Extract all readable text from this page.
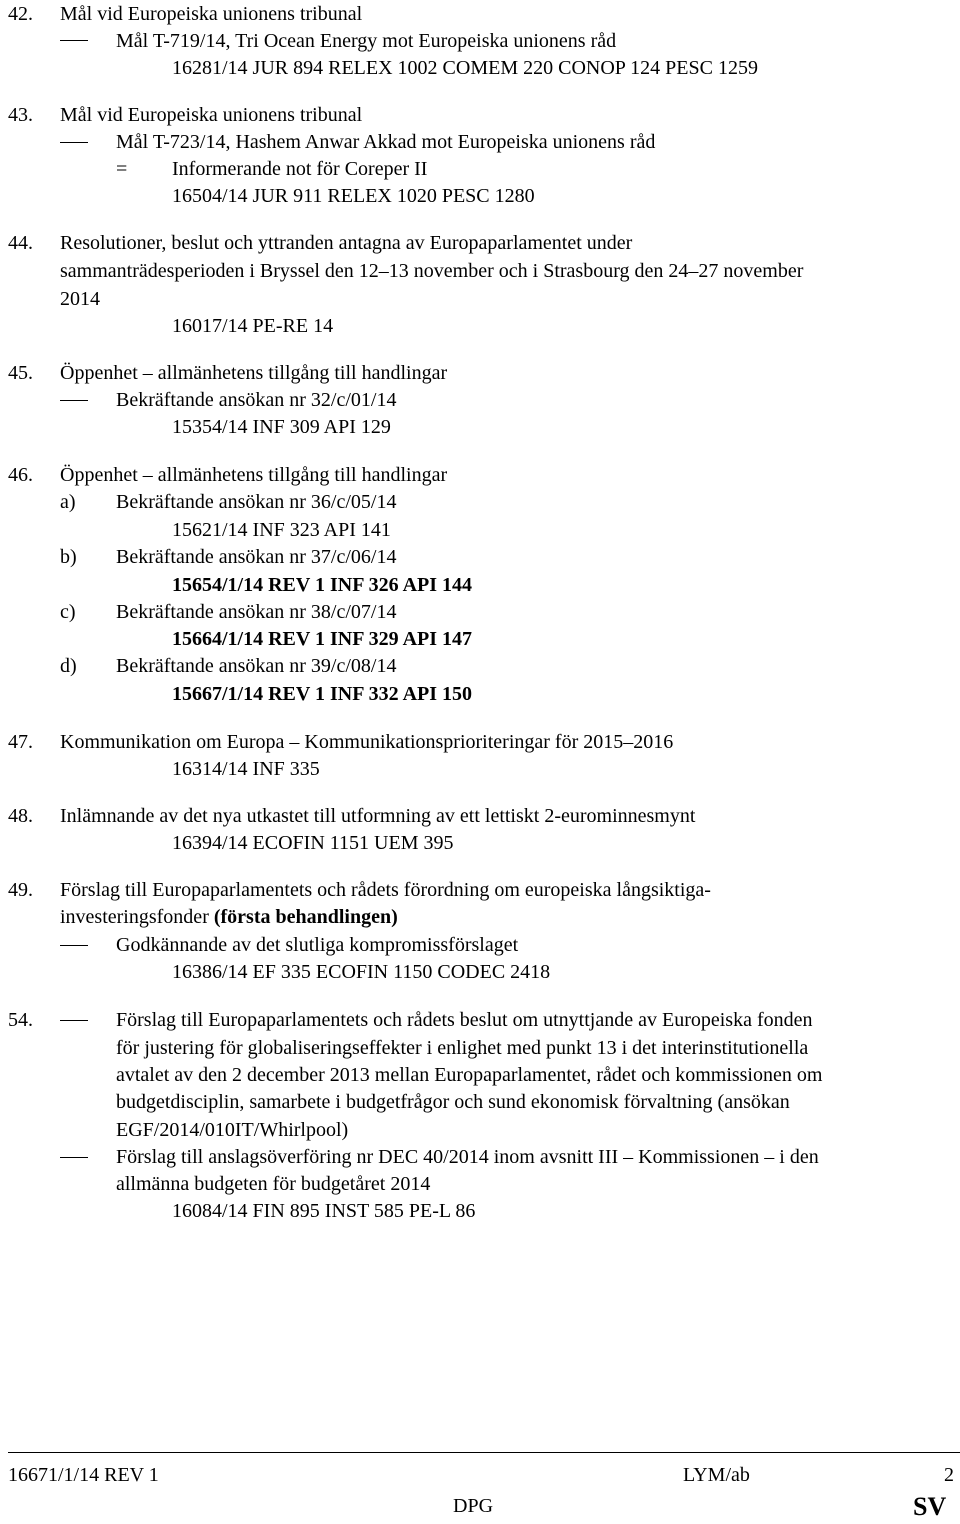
42. Mål vid Europeiska unionens tribunal
Mål T-719/14, Tri Ocean Energy mot Europeiska unionens råd
16281/14 JUR 894 RELEX 1002 COMEM 220 CONOP 124 PESC 1259
43. Mål vid Europeiska unionens tribunal
Mål T-723/14, Hashem Anwar Akkad mot Europeiska unionens råd
= Informerande not för Coreper II
16504/14 JUR 911 RELEX 1020 PESC 1280
44. Resolutioner, beslut och yttranden antagna av Europaparlamentet under
sammanträdesperioden i Bryssel den 12–13 november och i Strasbourg den 24–27 november
2014
16017/14 PE-RE 14
45. Öppenhet – allmänhetens tillgång till handlingar
Bekräftande ansökan nr 32/c/01/14
15354/14 INF 309 API 129
46. Öppenhet – allmänhetens tillgång till handlingar
a) Bekräftande ansökan nr 36/c/05/14
15621/14 INF 323 API 141
b) Bekräftande ansökan nr 37/c/06/14
15654/1/14 REV 1 INF 326 API 144
c) Bekräftande ansökan nr 38/c/07/14
15664/1/14 REV 1 INF 329 API 147
d) Bekräftande ansökan nr 39/c/08/14
15667/1/14 REV 1 INF 332 API 150
47. Kommunikation om Europa – Kommunikationsprioriteringar för 2015–2016
16314/14 INF 335
48. Inlämnande av det nya utkastet till utformning av ett lettiskt 2-eurominnesmynt
16394/14 ECOFIN 1151 UEM 395
49. Förslag till Europaparlamentets och rådets förordning om europeiska långsiktiga-
investeringsfonder (första behandlingen)
Godkännande av det slutliga kompromissförslaget
16386/14 EF 335 ECOFIN 1150 CODEC 2418
54.	Förslag till Europaparlamentets och rådets beslut om utnyttjande av Europeiska fonden
för justering för globaliseringseffekter i enlighet med punkt 13 i det interinstitutionella
avtalet av den 2 december 2013 mellan Europaparlamentet, rådet och kommissionen om
budgetdisciplin, samarbete i budgetfrågor och sund ekonomisk förvaltning (ansökan
EGF/2014/010IT/Whirlpool)
Förslag till anslagsöverföring nr DEC 40/2014 inom avsnitt III – Kommissionen – i den
allmänna budgeten för budgetåret 2014
16084/14 FIN 895 INST 585 PE-L 86
16671/1/14 REV 1	LYM/ab	2
DPG	SV
